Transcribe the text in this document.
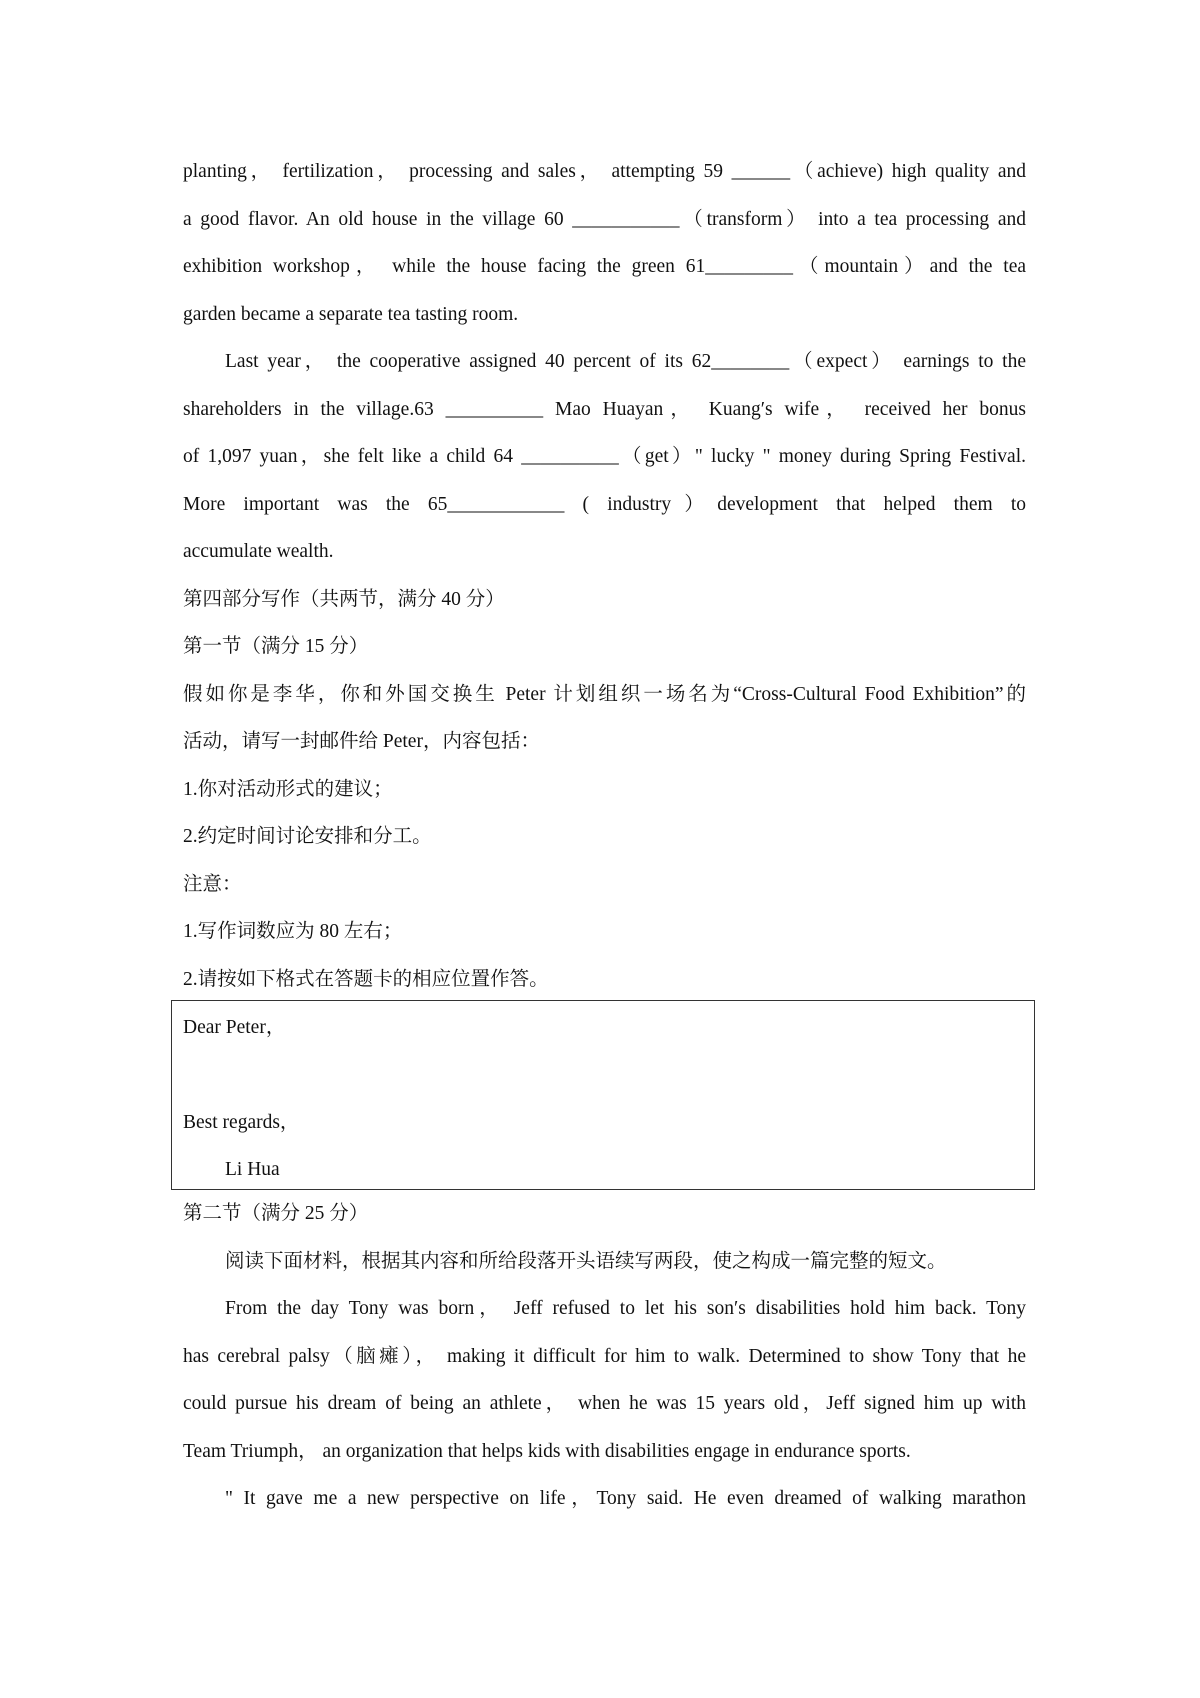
planting， fertilization， processing and sales， attempting 59 ______（achieve) high quality and
a good flavor. An old house in the village 60 ___________（transform） into a tea processing and
exhibition workshop， while the house facing the green 61_________（mountain）and the tea
garden became a separate tea tasting room.
Last year， the cooperative assigned 40 percent of its 62________（expect） earnings to the
shareholders in the village.63 __________ Mao Huayan， Kuang′s wife， received her bonus
of 1,097 yuan，she felt like a child 64 __________（get）" lucky " money during Spring Festival.
More important was the 65____________ ( industry）development that helped them to
accumulate wealth.
第四部分写作（共两节，满分 40 分）
第一节（满分 15 分）
假如你是李华，你和外国交换生 Peter 计划组织一场名为“Cross-Cultural Food Exhibition”的
活动，请写一封邮件给 Peter，内容包括：
1.你对活动形式的建议；
2.约定时间讨论安排和分工。
注意：
1.写作词数应为 80 左右；
2.请按如下格式在答题卡的相应位置作答。
Dear Peter，
Best regards，
Li Hua
第二节（满分 25 分）
阅读下面材料，根据其内容和所给段落开头语续写两段，使之构成一篇完整的短文。
From the day Tony was born， Jeff refused to let his son′s disabilities hold him back. Tony
has cerebral palsy（脑瘫）， making it difficult for him to walk. Determined to show Tony that he
could pursue his dream of being an athlete， when he was 15 years old，Jeff signed him up with
Team Triumph， an organization that helps kids with disabilities engage in endurance sports.
" It gave me a new perspective on life，Tony said. He even dreamed of walking marathon
